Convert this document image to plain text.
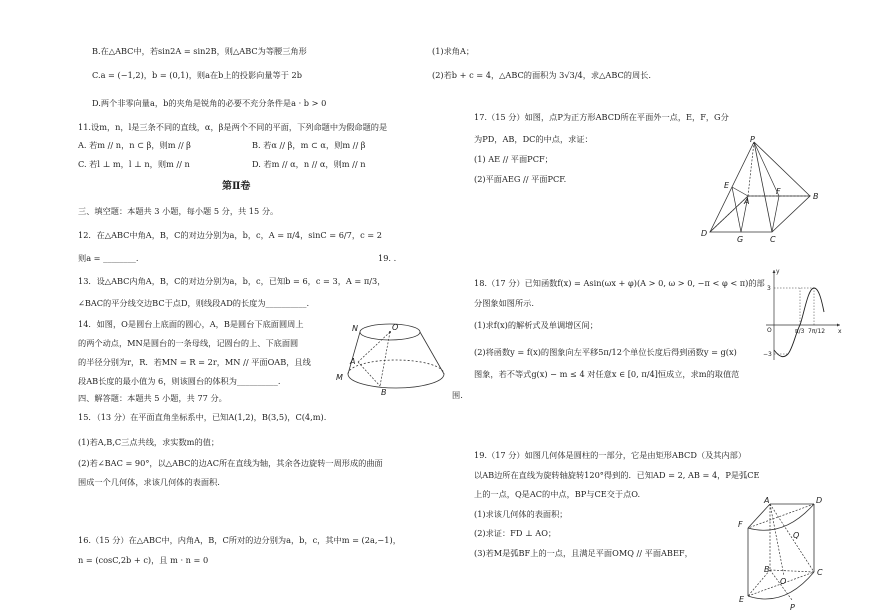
B.在△ABC中，若sin2A = sin2B，则△ABC为等腰三角形
C.a = (−1,2)，b = (0,1)，则a在b上的投影向量等于 2b
D.两个非零向量a，b的夹角是锐角的必要不充分条件是a · b > 0
11.设m，n，l是三条不同的直线，α，β是两个不同的平面，下列命题中为假命题的是
A. 若m // n，n ⊂ β，则m // β	B. 若α // β，m ⊂ α，则m // β
C. 若l ⊥ m，l ⊥ n，则m // n	D. 若m // α，n // α，则m // n
第Ⅱ卷
三、填空题：本题共 3 小题，每小题 5 分，共 15 分。
12．在△ABC中角A，B，C的对边分别为a，b，c，A = π/4，sinC = 6/7，c = 2
则a = ________.	19. .
13．设△ABC内角A，B，C的对边分别为a，b，c，已知b = 6，c = 3，A = π/3，
∠BAC的平分线交边BC于点D，则线段AD的长度为__________.
14．如图，O是圆台上底面的圆心，A，B是圆台下底面圆周上
的两个动点，MN是圆台的一条母线，记圆台的上、下底面圆
的半径分别为r，R．若MN = R = 2r，MN // 平面OAB，且线
段AB长度的最小值为 6，则该圆台的体积为__________.
四、解答题：本题共 5 小题，共 77 分。
15．（13 分）在平面直角坐标系中，已知A(1,2)，B(3,5)，C(4,m).
(1)若A,B,C三点共线，求实数m的值；
(2)若∠BAC = 90°，以△ABC的边AC所在直线为轴，其余各边旋转一周形成的曲面
围成一个几何体，求该几何体的表面积.
16.（15 分）在△ABC中，内角A，B，C所对的边分别为a，b，c，其中m = (2a,−1)，
n = (cosC,2b + c)，且 m · n = 0
N	O
A
M
B
(1)求角A；
(2)若b + c = 4，△ABC的面积为 3√3/4，求△ABC的周长.
17.（15 分）如图，点P为正方形ABCD所在平面外一点，E，F，G分
为PD，AB，DC的中点，求证：
(1) AE // 平面PCF；
(2)平面AEG // 平面PCF.
18.（17 分）已知函数f(x) = Asin(ωx + φ)(A > 0, ω > 0, −π < φ < π)的部
分图象如图所示.
(1)求f(x)的解析式及单调增区间；
(2)将函数y = f(x)的图象向左平移5π/12个单位长度后得到函数y = g(x)
图象，若不等式g(x) − m ≤ 4 对任意x ∈ [0, π/4]恒成立，求m的取值范
围.
19.（17 分）如图几何体是圆柱的一部分，它是由矩形ABCD（及其内部）
以AB边所在直线为旋转轴旋转120°得到的．已知AD = 2, AB = 4，P是弧CE
上的一点，Q是AC的中点，BP与CE交于点O.
(1)求该几何体的表面积；
(2)求证：FD ⊥ AO；
(3)若M是弧BF上的一点，且满足平面OMQ // 平面ABEF，
P
E
F
A
B
D
G	C
x
y
O
3
−3
π/3 7π/12
A	D
F
Q
B	C
O
E
P
